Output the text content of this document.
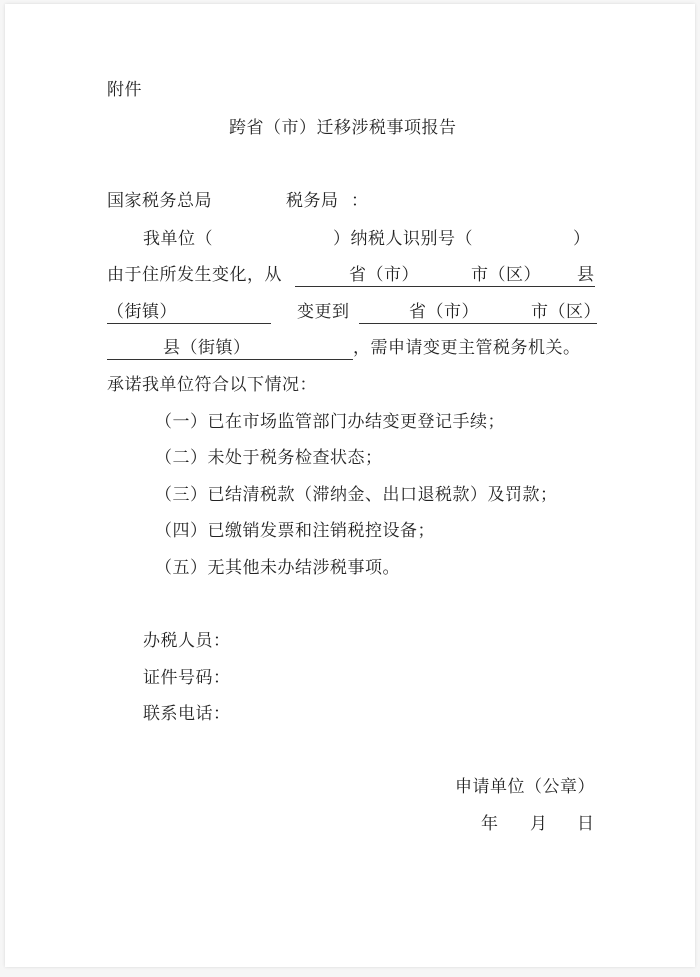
附件
跨省（市）迁移涉税事项报告
国家税务总局	税务局 ：
我单位（	）纳税人识别号（	）
由于住所发生变化，从	省（市）	市（区） 县
（街镇）	变更到	省（市）	市（区）
县（街镇）	，需申请变更主管税务机关。
承诺我单位符合以下情况：
（一）已在市场监管部门办结变更登记手续；
（二）未处于税务检查状态；
（三）已结清税款（滞纳金、出口退税款）及罚款；
（四）已缴销发票和注销税控设备；
（五）无其他未办结涉税事项。
办税人员：
证件号码：
联系电话：
申请单位（公章）
年 月 日
